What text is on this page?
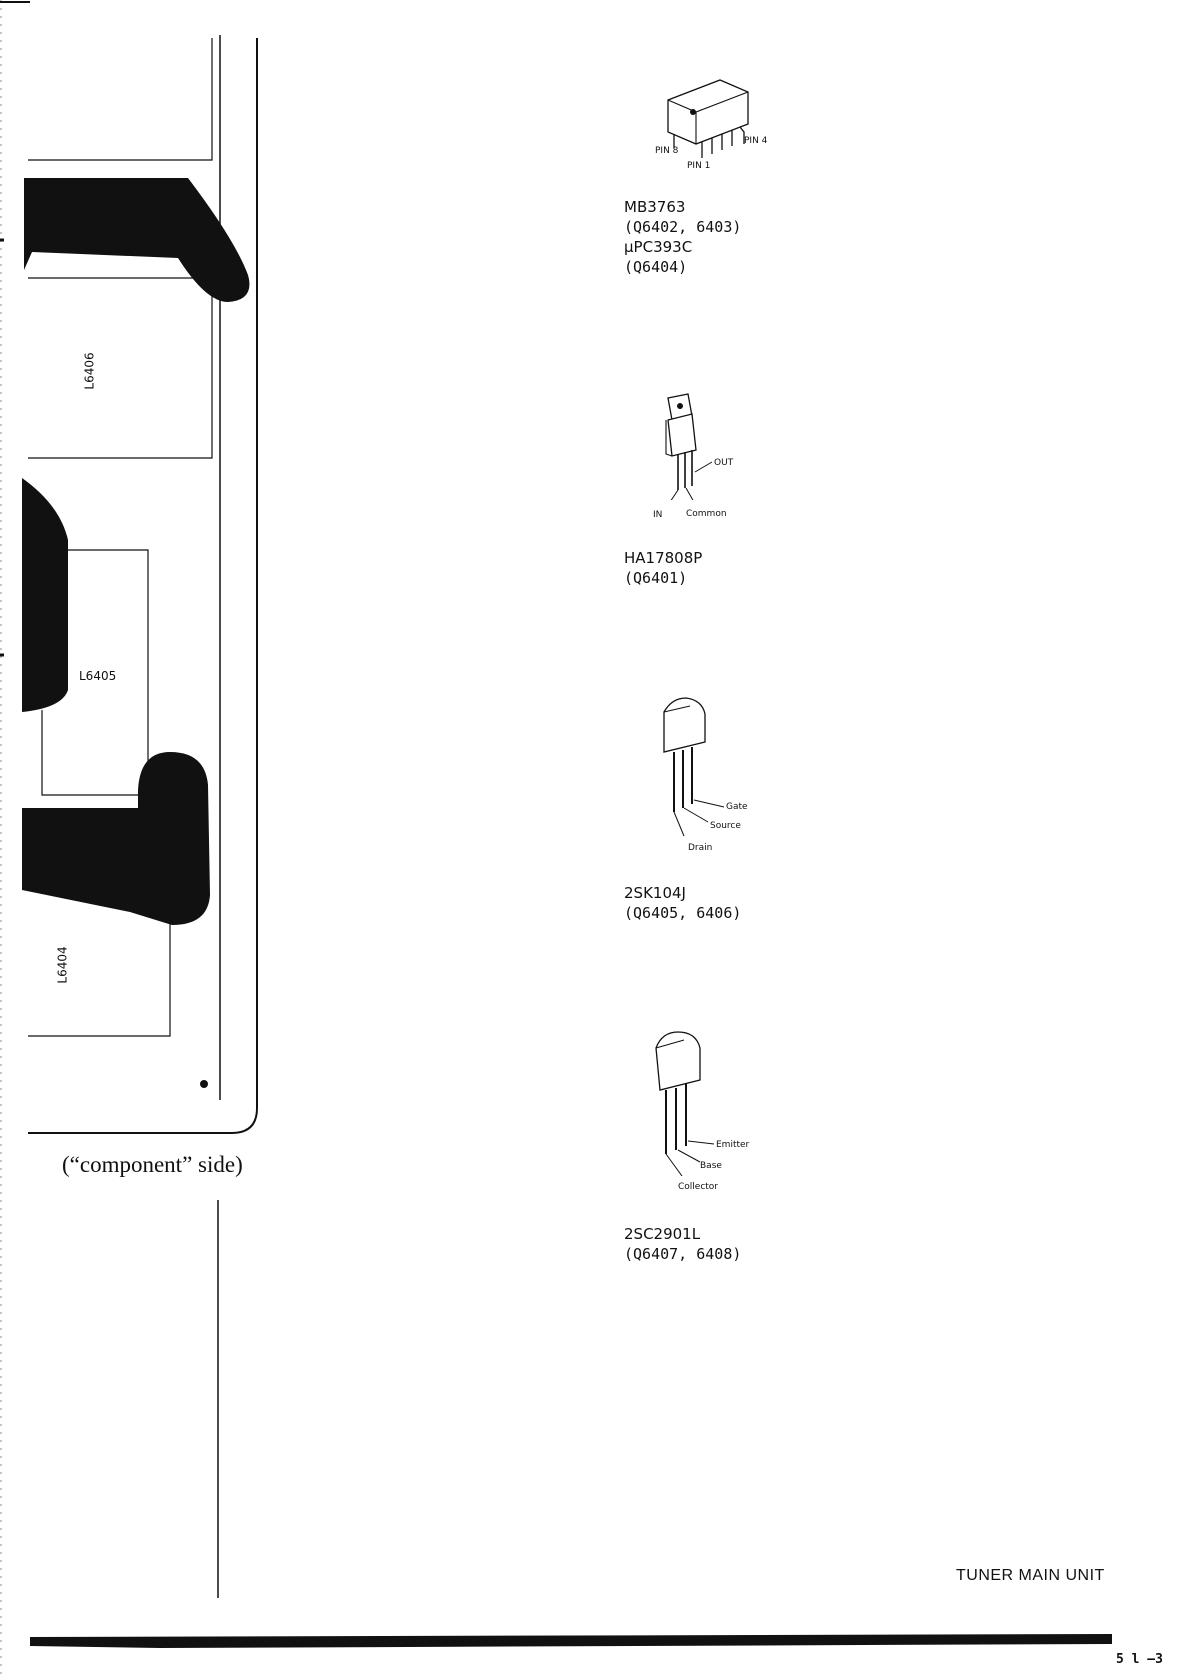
L6406
L6405
L6404
(“component” side)
PIN 8
PIN 1
PIN 4

MB3763

(Q6402, 6403)

μPC393C

(Q6404)

OUT
IN	Common

HA17808P

(Q6401)

Gate
Source
Drain

2SK104J

(Q6405, 6406)

Emitter
Base
Collector

2SC2901L

(Q6407, 6408)

TUNER MAIN UNIT
5 l —3
